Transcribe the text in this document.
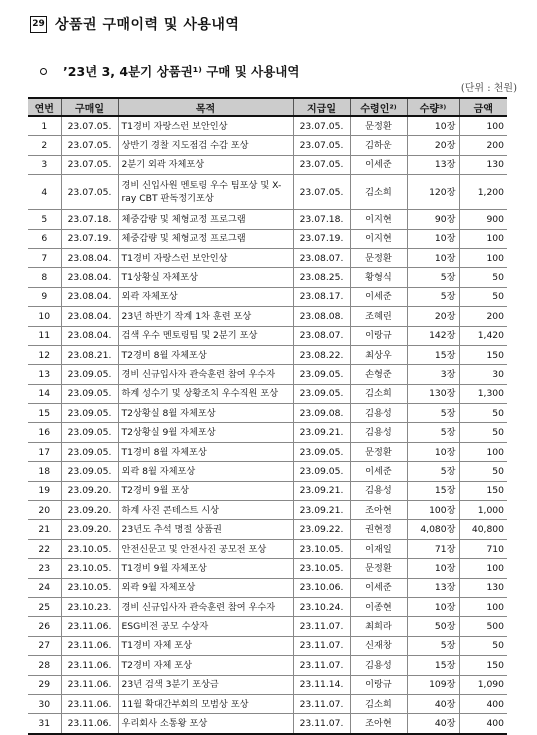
29 상품권 구매이력 및 사용내역
’23년 3, 4분기 상품권¹⁾ 구매 및 사용내역
(단위 : 천원)
연번	구매일	목적	지급일	수령인²⁾	수량³⁾	금액
1	23.07.05.	T1경비 자랑스런 보안인상	23.07.05.	문정환	10장	100
2	23.07.05.	상반기 경찰 지도점검 수감 포상	23.07.05.	김하운	20장	200
3	23.07.05.	2분기 외곽 자체포상	23.07.05.	이세준	13장	130
4	23.07.05.	경비 신입사원 멘토링 우수 팀포상 및 X-ray CBT 판독정기포상	23.07.05.	김소희	120장	1,200
5	23.07.18.	체중감량 및 체형교정 프로그램	23.07.18.	이지현	90장	900
6	23.07.19.	체중감량 및 체형교정 프로그램	23.07.19.	이지현	10장	100
7	23.08.04.	T1경비 자랑스런 보안인상	23.08.07.	문정환	10장	100
8	23.08.04.	T1상황실 자체포상	23.08.25.	황형식	5장	50
9	23.08.04.	외곽 자체포상	23.08.17.	이세준	5장	50
10	23.08.04.	23년 하반기 작계 1차 훈련 포상	23.08.08.	조혜린	20장	200
11	23.08.04.	검색 우수 멘토링팀 및 2분기 포상	23.08.07.	이랑규	142장	1,420
12	23.08.21.	T2경비 8월 자체포상	23.08.22.	최상우	15장	150
13	23.09.05.	경비 신규입사자 관숙훈련 참여 우수자	23.09.05.	손형준	3장	30
14	23.09.05.	하계 성수기 및 상황조치 우수직원 포상	23.09.05.	김소희	130장	1,300
15	23.09.05.	T2상황실 8월 자체포상	23.09.08.	김용성	5장	50
16	23.09.05.	T2상황실 9월 자체포상	23.09.21.	김용성	5장	50
17	23.09.05.	T1경비 8월 자체포상	23.09.05.	문정환	10장	100
18	23.09.05.	외곽 8월 자체포상	23.09.05.	이세준	5장	50
19	23.09.20.	T2경비 9월 포상	23.09.21.	김용성	15장	150
20	23.09.20.	하계 사진 콘테스트 시상	23.09.21.	조아현	100장	1,000
21	23.09.20.	23년도 추석 명절 상품권	23.09.22.	권현정	4,080장	40,800
22	23.10.05.	안전신문고 및 안전사진 공모전 포상	23.10.05.	이재일	71장	710
23	23.10.05.	T1경비 9월 자체포상	23.10.05.	문정환	10장	100
24	23.10.05.	외곽 9월 자체포상	23.10.06.	이세준	13장	130
25	23.10.23.	경비 신규입사자 관숙훈련 참여 우수자	23.10.24.	이종현	10장	100
26	23.11.06.	ESG비전 공모 수상자	23.11.07.	최희라	50장	500
27	23.11.06.	T1경비 자체 포상	23.11.07.	신재창	5장	50
28	23.11.06.	T2경비 자체 포상	23.11.07.	김용성	15장	150
29	23.11.06.	23년 검색 3분기 포상금	23.11.14.	이랑규	109장	1,090
30	23.11.06.	11월 확대간부회의 모범상 포상	23.11.07.	김소희	40장	400
31	23.11.06.	우리회사 소통왕 포상	23.11.07.	조아현	40장	400
